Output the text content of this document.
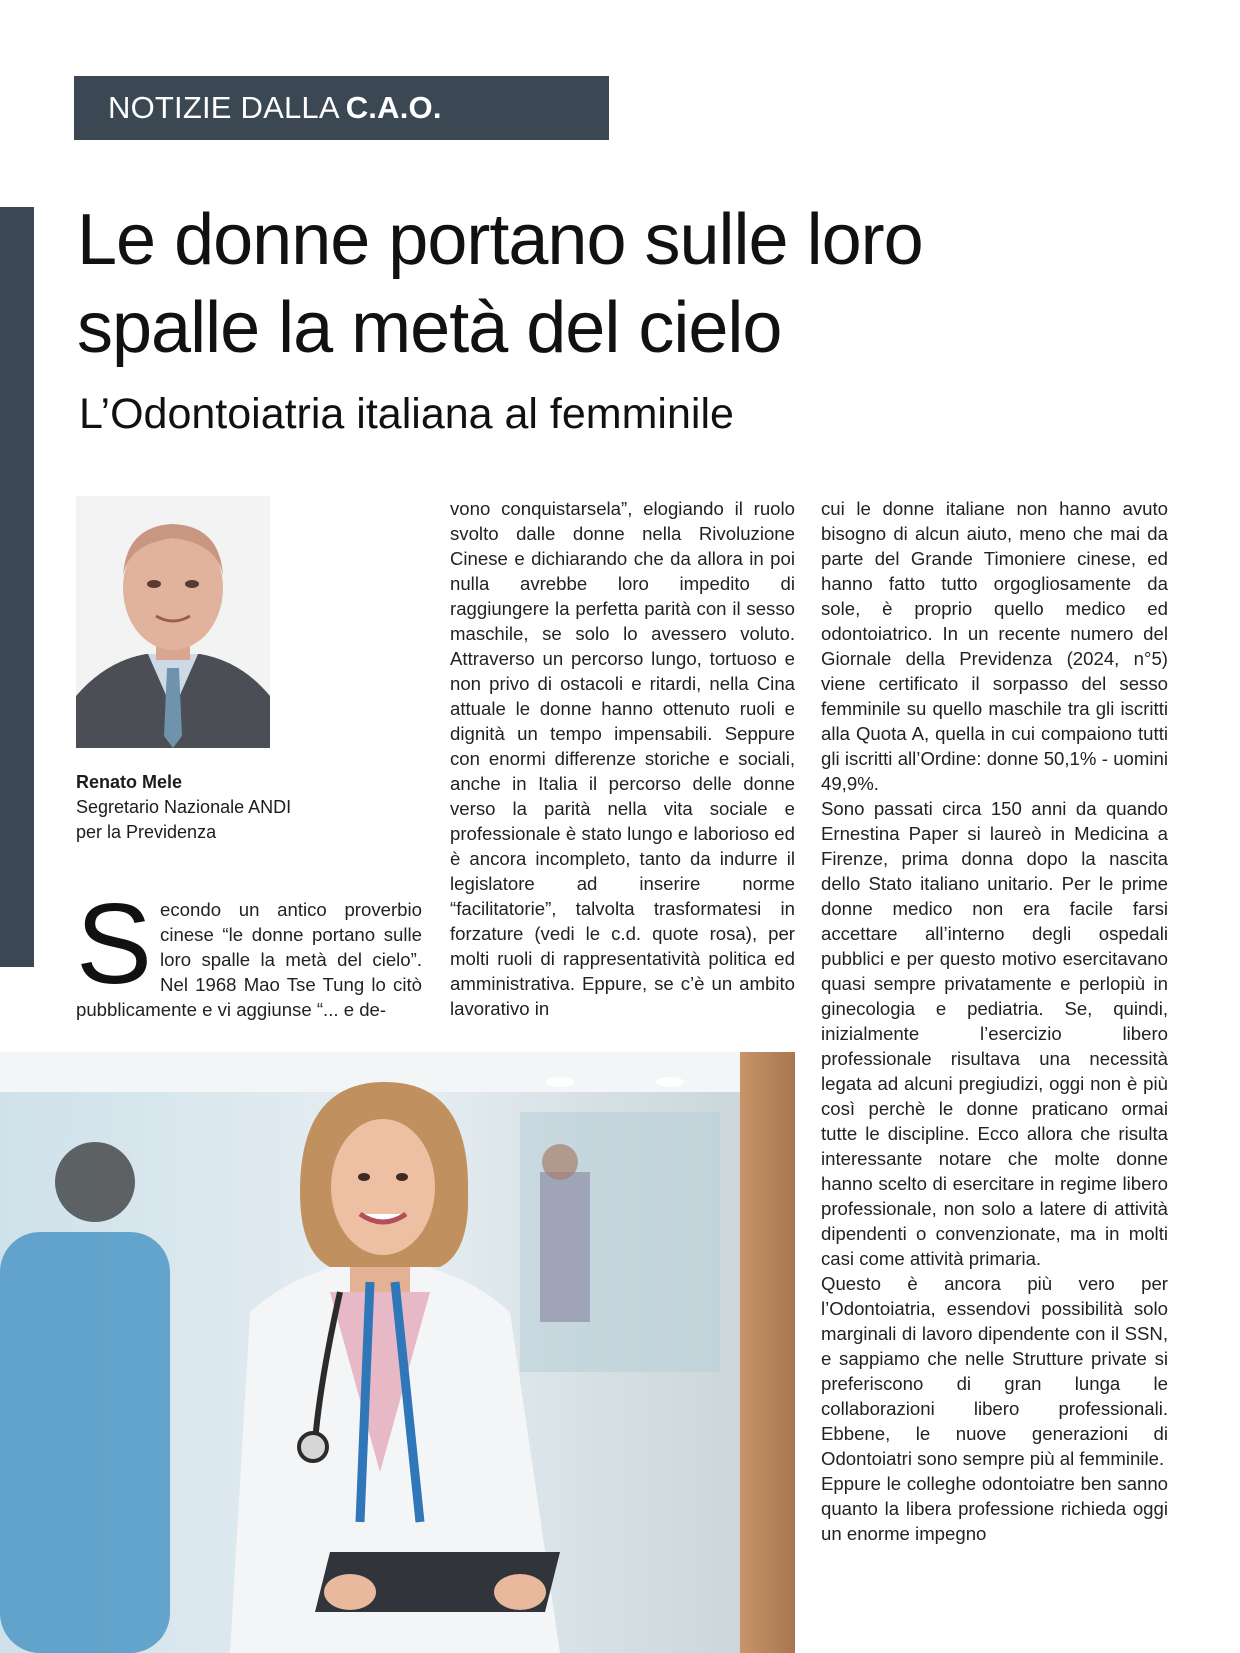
NOTIZIE DALLA C.A.O.
Le donne portano sulle loro
spalle la metà del cielo
L’Odontoiatria italiana al femminile
Renato Mele
Segretario Nazionale ANDI
per la Previdenza
S econdo un antico proverbio cinese “le donne portano sulle loro spalle la metà del cielo”. Nel 1968 Mao Tse Tung lo citò pubblicamente e vi aggiunse “... e de-

vono conquistarsela”, elogiando il ruolo svolto dalle donne nella Rivoluzione Cinese e dichiarando che da allora in poi nulla avrebbe loro impedito di raggiungere la perfetta parità con il sesso maschile, se solo lo avessero voluto. Attraverso un percorso lungo, tortuoso e non privo di ostacoli e ritardi, nella Cina attuale le donne hanno ottenuto ruoli e dignità un tempo impensabili. Seppure con enormi differenze storiche e sociali, anche in Italia il percorso delle donne verso la parità nella vita sociale e professionale è stato lungo e laborioso ed è ancora incompleto, tanto da indurre il legislatore ad inserire norme “facilitatorie”, talvolta trasformatesi in forzature (vedi le c.d. quote rosa), per molti ruoli di rappresentatività politica ed amministrativa. Eppure, se c’è un ambito lavorativo in

cui le donne italiane non hanno avuto bisogno di alcun aiuto, meno che mai da parte del Grande Timoniere cinese, ed hanno fatto tutto orgogliosamente da sole, è proprio quello medico ed odontoiatrico. In un recente numero del Giornale della Previdenza (2024, n°5) viene certificato il sorpasso del sesso femminile su quello maschile tra gli iscritti alla Quota A, quella in cui compaiono tutti gli iscritti all’Ordine: donne 50,1% - uomini 49,9%.

Sono passati circa 150 anni da quando Ernestina Paper si laureò in Medicina a Firenze, prima donna dopo la nascita dello Stato italiano unitario. Per le prime donne medico non era facile farsi accettare all’interno degli ospedali pubblici e per questo motivo esercitavano quasi sempre privatamente e perlopiù in ginecologia e pediatria. Se, quindi, inizialmente l’esercizio libero professionale risultava una necessità legata ad alcuni pregiudizi, oggi non è più così perchè le donne praticano ormai tutte le discipline. Ecco allora che risulta interessante notare che molte donne hanno scelto di esercitare in regime libero professionale, non solo a latere di attività dipendenti o convenzionate, ma in molti casi come attività primaria.

Questo è ancora più vero per l’Odontoiatria, essendovi possibilità solo marginali di lavoro dipendente con il SSN, e sappiamo che nelle Strutture private si preferiscono di gran lunga le collaborazioni libero professionali. Ebbene, le nuove generazioni di Odontoiatri sono sempre più al femminile.

Eppure le colleghe odontoiatre ben sanno quanto la libera professione richieda oggi un enorme impegno
